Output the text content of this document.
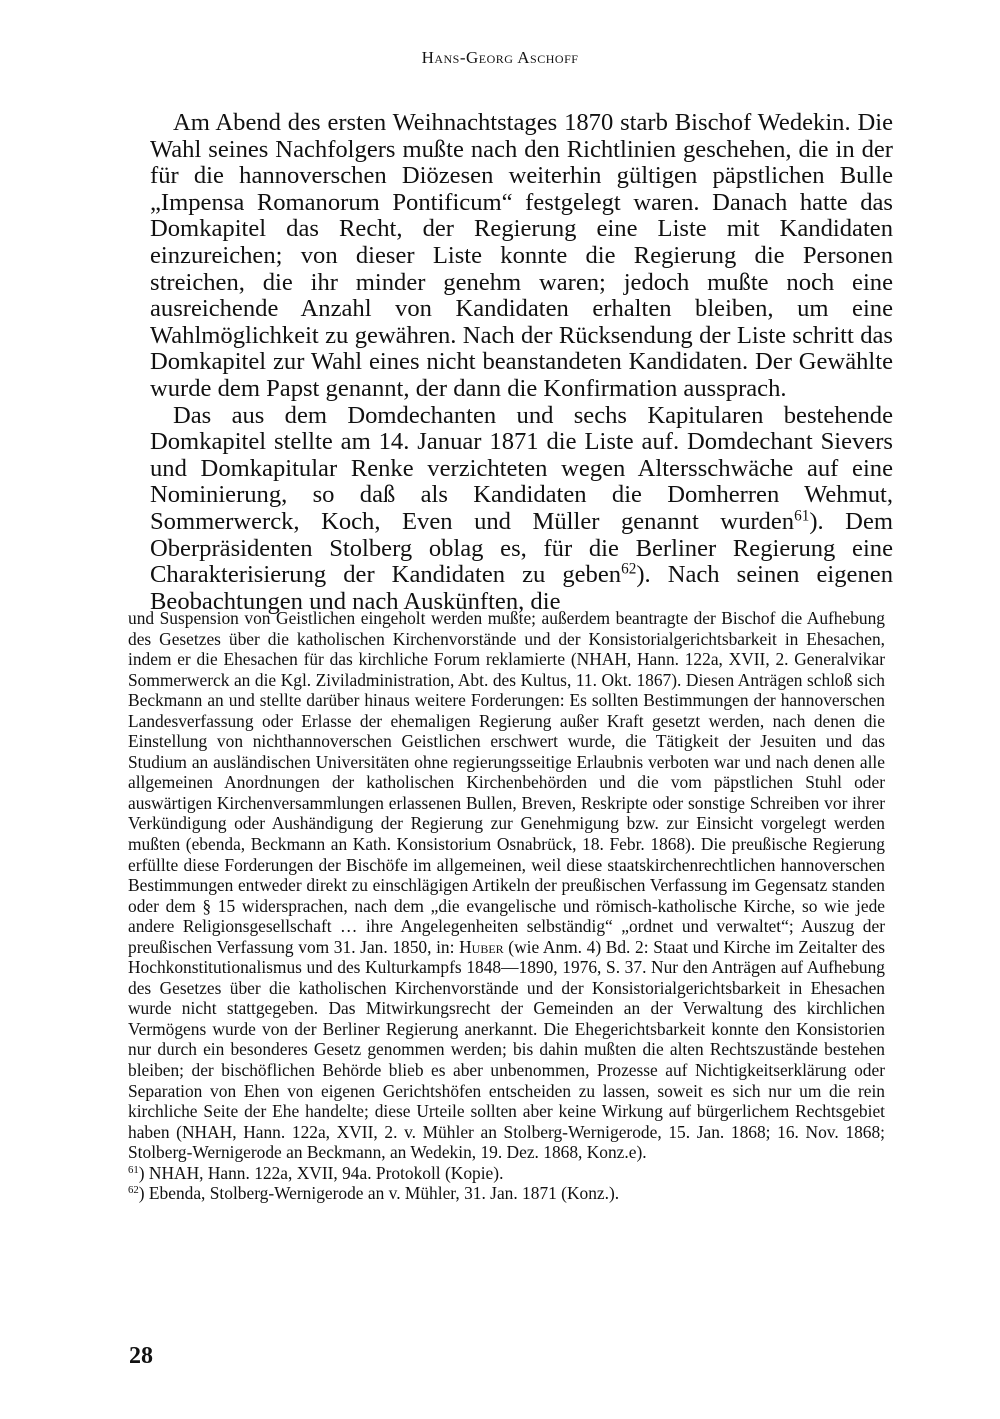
Hans-Georg Aschoff

Am Abend des ersten Weihnachtstages 1870 starb Bischof Wedekin. Die Wahl seines Nachfolgers mußte nach den Richtlinien geschehen, die in der für die hannoverschen Diözesen weiterhin gültigen päpstlichen Bulle „Impensa Romanorum Pontificum“ festgelegt waren. Danach hatte das Domkapitel das Recht, der Regierung eine Liste mit Kandidaten einzureichen; von dieser Liste konnte die Regierung die Personen streichen, die ihr minder genehm waren; jedoch mußte noch eine ausreichende Anzahl von Kandidaten erhalten bleiben, um eine Wahlmöglichkeit zu gewähren. Nach der Rücksendung der Liste schritt das Domkapitel zur Wahl eines nicht beanstandeten Kandidaten. Der Gewählte wurde dem Papst genannt, der dann die Konfirmation aussprach.

Das aus dem Domdechanten und sechs Kapitularen bestehende Domkapitel stellte am 14. Januar 1871 die Liste auf. Domdechant Sievers und Domkapitular Renke verzichteten wegen Altersschwäche auf eine Nominierung, so daß als Kandidaten die Domherren Wehmut, Sommerwerck, Koch, Even und Müller genannt wurden$^{61}$). Dem Oberpräsidenten Stolberg oblag es, für die Berliner Regierung eine Charakterisierung der Kandidaten zu geben$^{62}$). Nach seinen eigenen Beobachtungen und nach Auskünften, die

und Suspension von Geistlichen eingeholt werden mußte; außerdem beantragte der Bischof die Aufhebung des Gesetzes über die katholischen Kirchenvorstände und der Konsistorialgerichtsbarkeit in Ehesachen, indem er die Ehesachen für das kirchliche Forum reklamierte (NHAH, Hann. 122a, XVII, 2. Generalvikar Sommerwerck an die Kgl. Ziviladministration, Abt. des Kultus, 11. Okt. 1867). Diesen Anträgen schloß sich Beckmann an und stellte darüber hinaus weitere Forderungen: Es sollten Bestimmungen der hannoverschen Landesverfassung oder Erlasse der ehemaligen Regierung außer Kraft gesetzt werden, nach denen die Einstellung von nichthannoverschen Geistlichen erschwert wurde, die Tätigkeit der Jesuiten und das Studium an ausländischen Universitäten ohne regierungsseitige Erlaubnis verboten war und nach denen alle allgemeinen Anordnungen der katholischen Kirchenbehörden und die vom päpstlichen Stuhl oder auswärtigen Kirchenversammlungen erlassenen Bullen, Breven, Reskripte oder sonstige Schreiben vor ihrer Verkündigung oder Aushändigung der Regierung zur Genehmigung bzw. zur Einsicht vorgelegt werden mußten (ebenda, Beckmann an Kath. Konsistorium Osnabrück, 18. Febr. 1868). Die preußische Regierung erfüllte diese Forderungen der Bischöfe im allgemeinen, weil diese staatskirchenrechtlichen hannoverschen Bestimmungen entweder direkt zu einschlägigen Artikeln der preußischen Verfassung im Gegensatz standen oder dem § 15 widersprachen, nach dem „die evangelische und römisch-katholische Kirche, so wie jede andere Religionsgesellschaft … ihre Angelegenheiten selbständig“ „ordnet und verwaltet“; Auszug der preußischen Verfassung vom 31. Jan. 1850, in: Huber (wie Anm. 4) Bd. 2: Staat und Kirche im Zeitalter des Hochkonstitutionalismus und des Kulturkampfs 1848—1890, 1976, S. 37. Nur den Anträgen auf Aufhebung des Gesetzes über die katholischen Kirchenvorstände und der Konsistorialgerichtsbarkeit in Ehesachen wurde nicht stattgegeben. Das Mitwirkungsrecht der Gemeinden an der Verwaltung des kirchlichen Vermögens wurde von der Berliner Regierung anerkannt. Die Ehegerichtsbarkeit konnte den Konsistorien nur durch ein besonderes Gesetz genommen werden; bis dahin mußten die alten Rechtszustände bestehen bleiben; der bischöflichen Behörde blieb es aber unbenommen, Prozesse auf Nichtigkeitserklärung oder Separation von Ehen von eigenen Gerichtshöfen entscheiden zu lassen, soweit es sich nur um die rein kirchliche Seite der Ehe handelte; diese Urteile sollten aber keine Wirkung auf bürgerlichem Rechtsgebiet haben (NHAH, Hann. 122a, XVII, 2. v. Mühler an Stolberg-Wernigerode, 15. Jan. 1868; 16. Nov. 1868; Stolberg-Wernigerode an Beckmann, an Wedekin, 19. Dez. 1868, Konz.e).

$^{61}$) NHAH, Hann. 122a, XVII, 94a. Protokoll (Kopie).

$^{62}$) Ebenda, Stolberg-Wernigerode an v. Mühler, 31. Jan. 1871 (Konz.).

28
